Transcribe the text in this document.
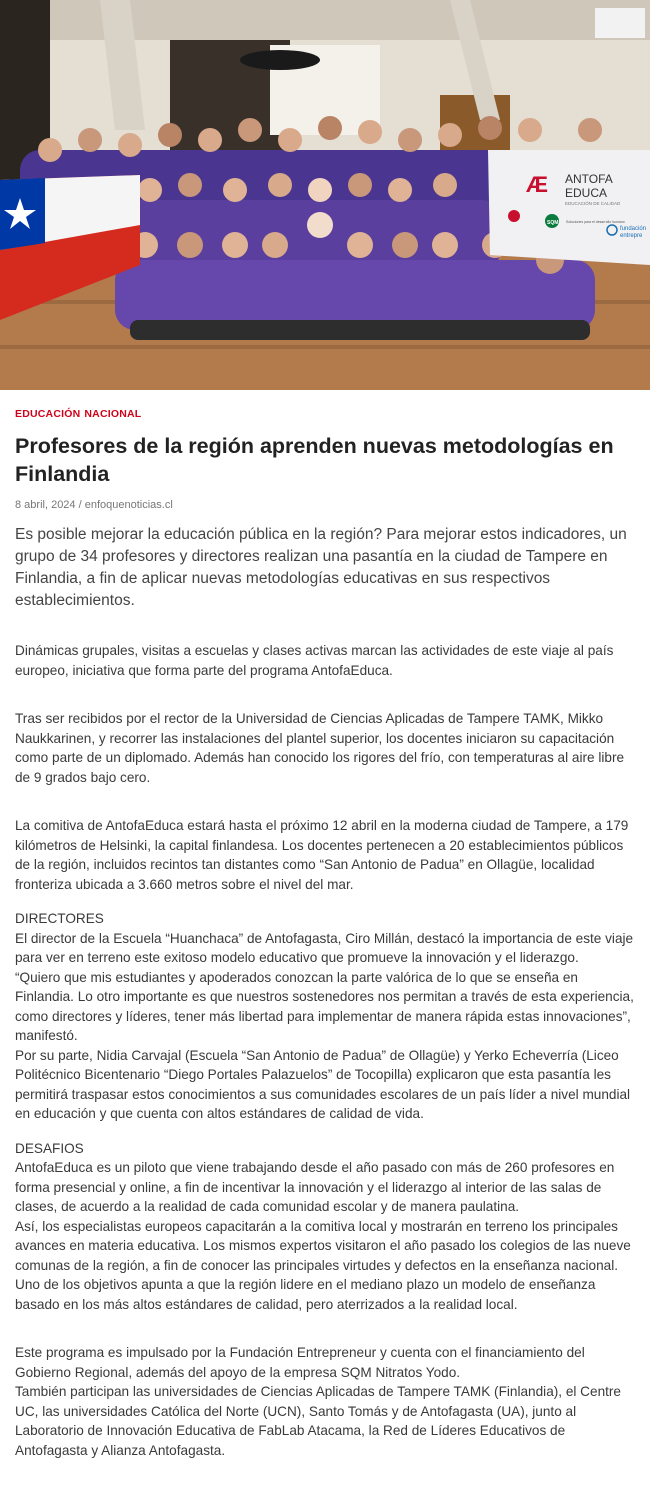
Æ ANTOFA
EDUCA
EDUCACIÓN DE CALIDAD
SQM Soluciones para el desarrollo humano
fundación
entrepre
EDUCACIÓN NACIONAL
Profesores de la región aprenden nuevas metodologías en Finlandia
8 abril, 2024 / enfoquenoticias.cl

Es posible mejorar la educación pública en la región? Para mejorar estos indicadores, un grupo de 34 profesores y directores realizan una pasantía en la ciudad de Tampere en Finlandia, a fin de aplicar nuevas metodologías educativas en sus respectivos establecimientos.

Dinámicas grupales, visitas a escuelas y clases activas marcan las actividades de este viaje al país europeo, iniciativa que forma parte del programa AntofaEduca.

Tras ser recibidos por el rector de la Universidad de Ciencias Aplicadas de Tampere TAMK, Mikko Naukkarinen, y recorrer las instalaciones del plantel superior, los docentes iniciaron su capacitación como parte de un diplomado. Además han conocido los rigores del frío, con temperaturas al aire libre de 9 grados bajo cero.

La comitiva de AntofaEduca estará hasta el próximo 12 abril en la moderna ciudad de Tampere, a 179 kilómetros de Helsinki, la capital finlandesa. Los docentes pertenecen a 20 establecimientos públicos de la región, incluidos recintos tan distantes como “San Antonio de Padua” en Ollagüe, localidad fronteriza ubicada a 3.660 metros sobre el nivel del mar.

DIRECTORES

El director de la Escuela “Huanchaca” de Antofagasta, Ciro Millán, destacó la importancia de este viaje para ver en terreno este exitoso modelo educativo que promueve la innovación y el liderazgo.

“Quiero que mis estudiantes y apoderados conozcan la parte valórica de lo que se enseña en Finlandia. Lo otro importante es que nuestros sostenedores nos permitan a través de esta experiencia, como directores y líderes, tener más libertad para implementar de manera rápida estas innovaciones”, manifestó.

Por su parte, Nidia Carvajal (Escuela “San Antonio de Padua” de Ollagüe) y Yerko Echeverría (Liceo Politécnico Bicentenario “Diego Portales Palazuelos” de Tocopilla) explicaron que esta pasantía les permitirá traspasar estos conocimientos a sus comunidades escolares de un país líder a nivel mundial en educación y que cuenta con altos estándares de calidad de vida.

DESAFIOS

AntofaEduca es un piloto que viene trabajando desde el año pasado con más de 260 profesores en forma presencial y online, a fin de incentivar la innovación y el liderazgo al interior de las salas de clases, de acuerdo a la realidad de cada comunidad escolar y de manera paulatina.

Así, los especialistas europeos capacitarán a la comitiva local y mostrarán en terreno los principales avances en materia educativa. Los mismos expertos visitaron el año pasado los colegios de las nueve comunas de la región, a fin de conocer las principales virtudes y defectos en la enseñanza nacional.

Uno de los objetivos apunta a que la región lidere en el mediano plazo un modelo de enseñanza basado en los más altos estándares de calidad, pero aterrizados a la realidad local.

Este programa es impulsado por la Fundación Entrepreneur y cuenta con el financiamiento del Gobierno Regional, además del apoyo de la empresa SQM Nitratos Yodo.

También participan las universidades de Ciencias Aplicadas de Tampere TAMK (Finlandia), el Centre UC, las universidades Católica del Norte (UCN), Santo Tomás y de Antofagasta (UA), junto al Laboratorio de Innovación Educativa de FabLab Atacama, la Red de Líderes Educativos de Antofagasta y Alianza Antofagasta.
